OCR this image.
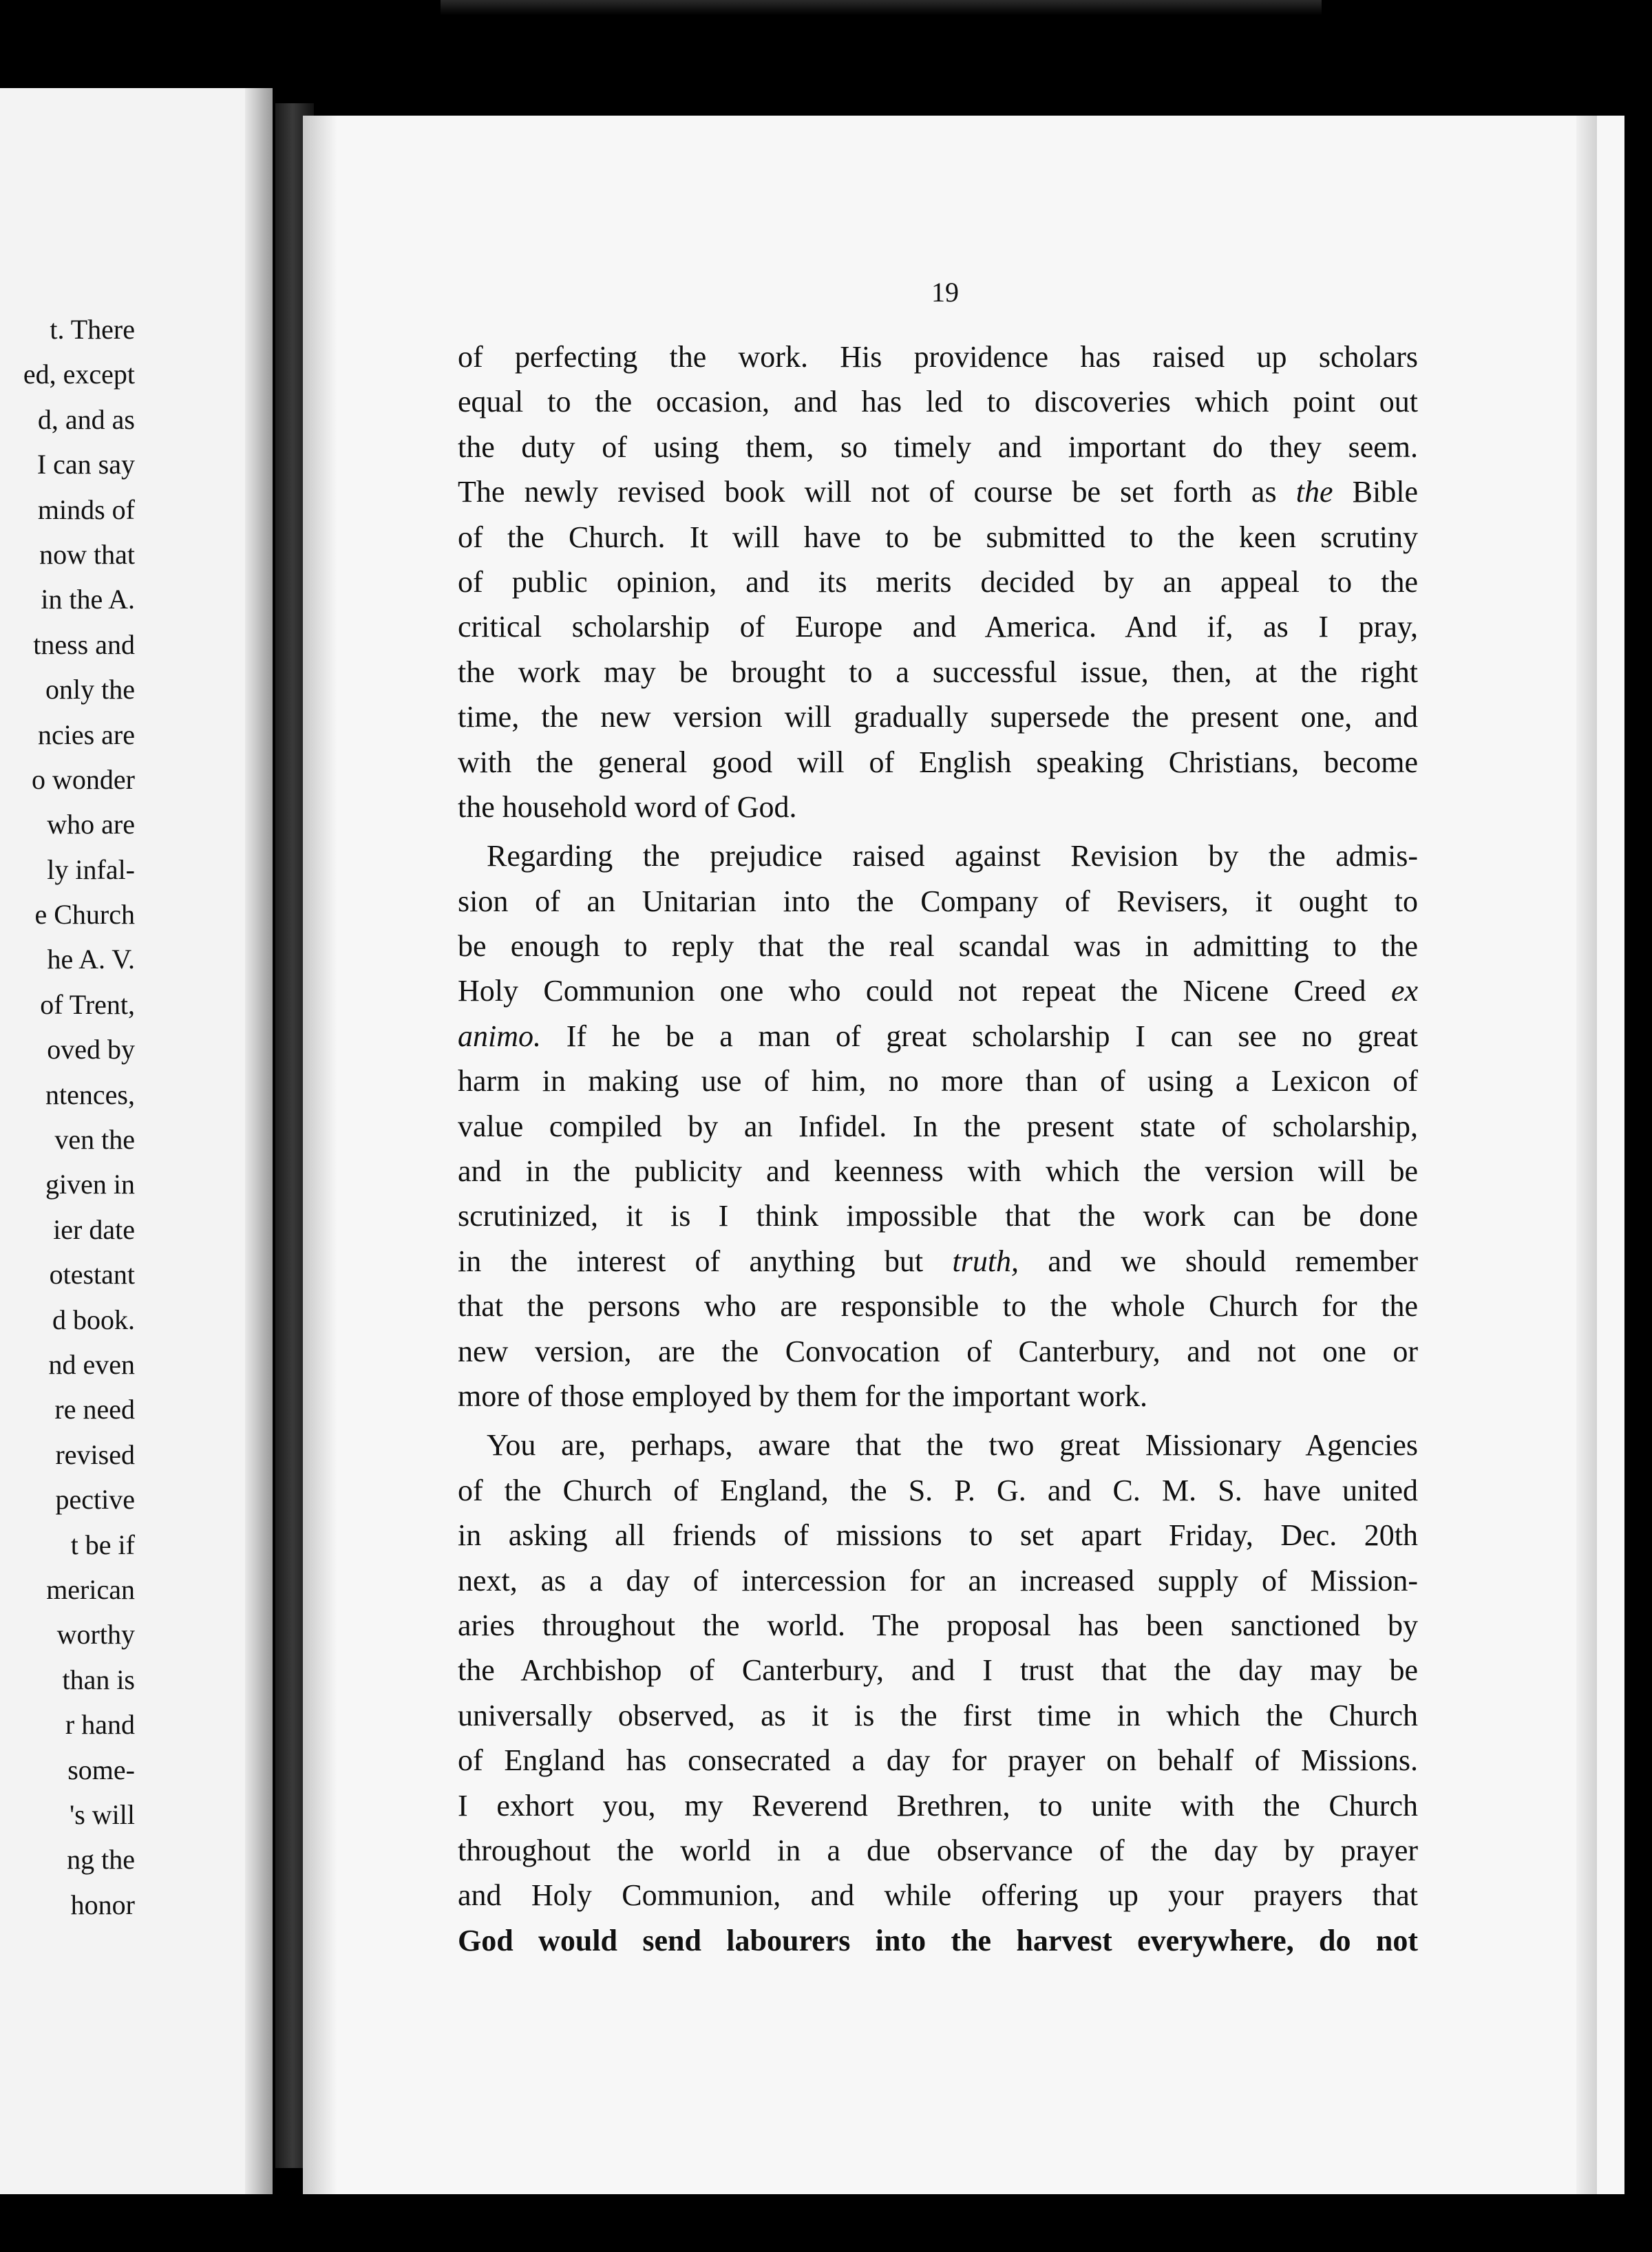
t. There
ed, except
d, and as
I can say
minds of
now that
in the A.
tness and
only the
ncies are
o wonder
who are
ly infal-
e Church
he A. V.
of Trent,
oved by
ntences,
ven the
given in
ier date
otestant
d book.
nd even
re need
revised
pective
t be if
merican
worthy
than is
r hand
some-
's will
ng the
honor
19
of perfecting the work. His providence has raised up scholars
equal to the occasion, and has led to discoveries which point out
the duty of using them, so timely and important do they seem.
The newly revised book will not of course be set forth as the Bible
of the Church. It will have to be submitted to the keen scrutiny
of public opinion, and its merits decided by an appeal to the
critical scholarship of Europe and America. And if, as I pray,
the work may be brought to a successful issue, then, at the right
time, the new version will gradually supersede the present one, and
with the general good will of English speaking Christians, become
the household word of God.
Regarding the prejudice raised against Revision by the admis-
sion of an Unitarian into the Company of Revisers, it ought to
be enough to reply that the real scandal was in admitting to the
Holy Communion one who could not repeat the Nicene Creed ex
animo. If he be a man of great scholarship I can see no great
harm in making use of him, no more than of using a Lexicon of
value compiled by an Infidel. In the present state of scholarship,
and in the publicity and keenness with which the version will be
scrutinized, it is I think impossible that the work can be done
in the interest of anything but truth, and we should remember
that the persons who are responsible to the whole Church for the
new version, are the Convocation of Canterbury, and not one or
more of those employed by them for the important work.
You are, perhaps, aware that the two great Missionary Agencies
of the Church of England, the S. P. G. and C. M. S. have united
in asking all friends of missions to set apart Friday, Dec. 20th
next, as a day of intercession for an increased supply of Mission-
aries throughout the world. The proposal has been sanctioned by
the Archbishop of Canterbury, and I trust that the day may be
universally observed, as it is the first time in which the Church
of England has consecrated a day for prayer on behalf of Missions.
I exhort you, my Reverend Brethren, to unite with the Church
throughout the world in a due observance of the day by prayer
and Holy Communion, and while offering up your prayers that
God would send labourers into the harvest everywhere, do not
